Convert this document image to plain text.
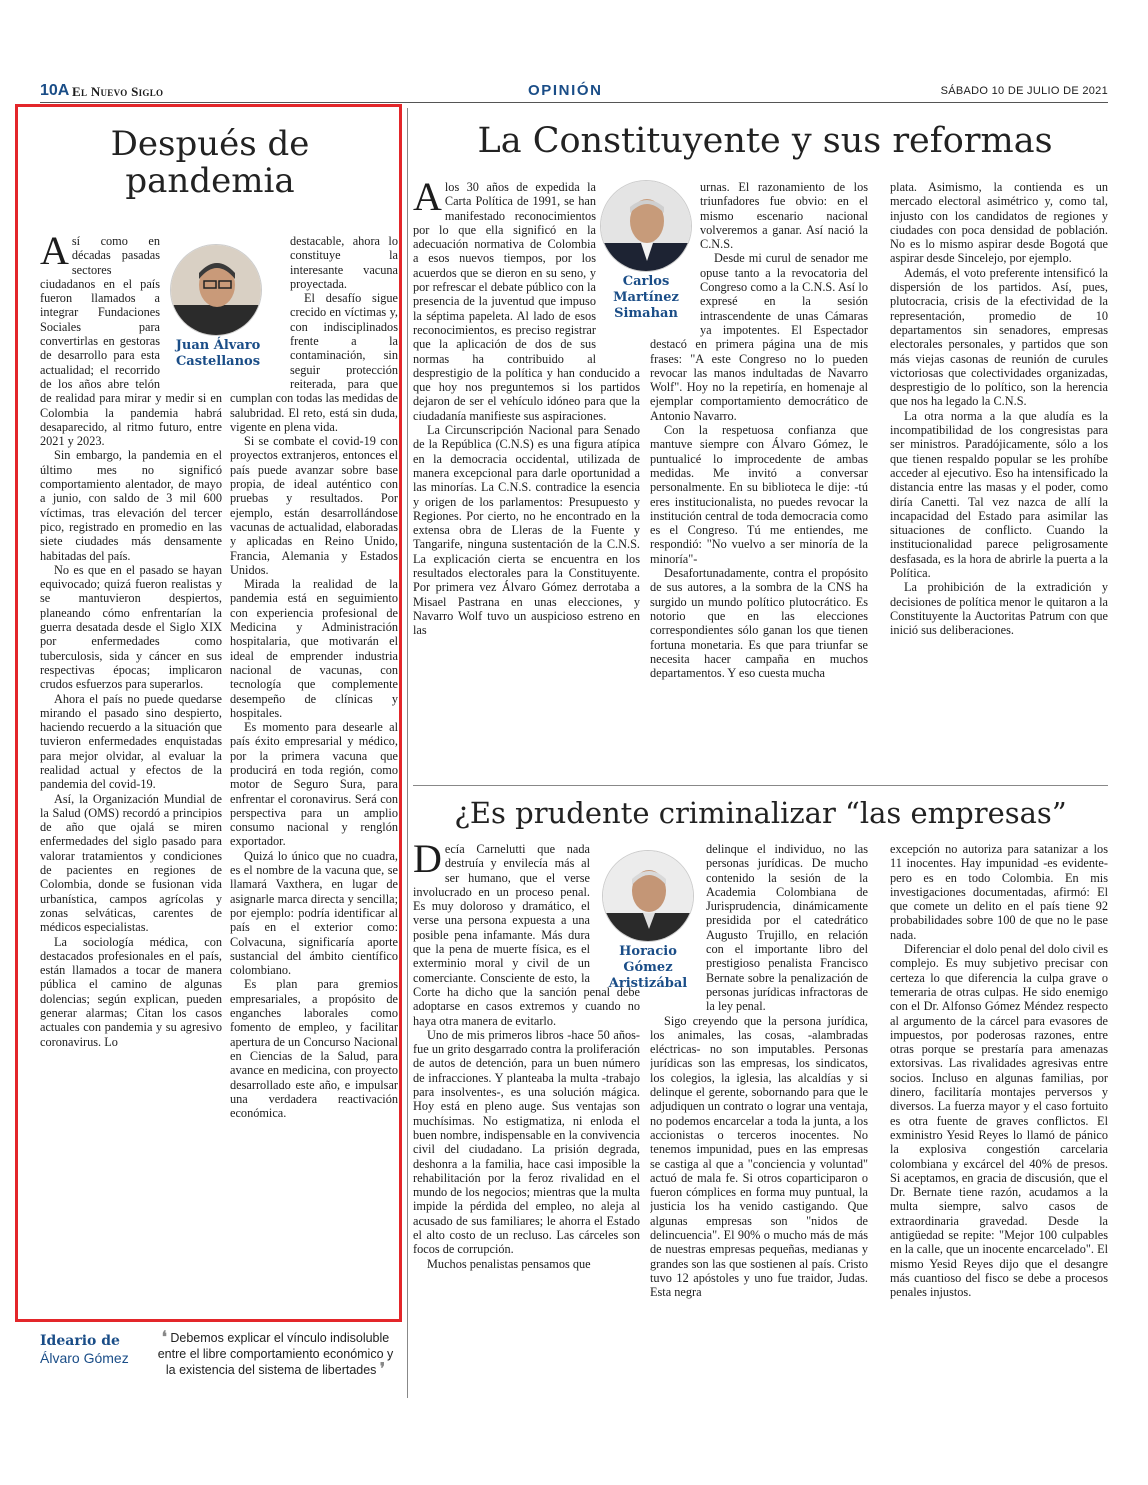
10A El Nuevo Siglo	OPINIÓN	SÁBADO 10 DE JULIO DE 2021
Después de pandemia
Juan Álvaro Castellanos

Así como en décadas pasadas sectores ciudadanos en el país fueron llamados a integrar Fundaciones Sociales para convertirlas en gestoras de desarrollo para esta actualidad; el recorrido de los años abre telón de realidad para mirar y medir si en Colombia la pandemia habrá desaparecido, al ritmo futuro, entre 2021 y 2023.

Sin embargo, la pandemia en el último mes no significó comportamiento alentador, de mayo a junio, con saldo de 3 mil 600 víctimas, tras elevación del tercer pico, registrado en promedio en las siete ciudades más densamente habitadas del país.

No es que en el pasado se hayan equivocado; quizá fueron realistas y se mantuvieron despiertos, planeando cómo enfrentarían la guerra desatada desde el Siglo XIX por enfermedades como tuberculosis, sida y cáncer en sus respectivas épocas; implicaron crudos esfuerzos para superarlos.

Ahora el país no puede quedarse mirando el pasado sino despierto, haciendo recuerdo a la situación que tuvieron enfermedades enquistadas para mejor olvidar, al evaluar la realidad actual y efectos de la pandemia del covid-19.

Así, la Organización Mundial de la Salud (OMS) recordó a principios de año que ojalá se miren enfermedades del siglo pasado para valorar tratamientos y condiciones de pacientes en regiones de Colombia, donde se fusionan vida urbanística, campos agrícolas y zonas selváticas, carentes de médicos especialistas.

La sociología médica, con destacados profesionales en el país, están llamados a tocar de manera pública el camino de algunas dolencias; según explican, pueden generar alarmas; Citan los casos actuales con pandemia y su agresivo coronavirus. Lo

destacable, ahora lo constituye la interesante vacuna proyectada.

El desafío sigue crecido en víctimas y, con indisciplinados frente a la contaminación, sin seguir protección reiterada, para que cumplan con todas las medidas de salubridad. El reto, está sin duda, vigente en plena vida.

Si se combate el covid-19 con proyectos extranjeros, entonces el país puede avanzar sobre base propia, de ideal auténtico con pruebas y resultados. Por ejemplo, están desarrollándose vacunas de actualidad, elaboradas y aplicadas en Reino Unido, Francia, Alemania y Estados Unidos.

Mirada la realidad de la pandemia está en seguimiento con experiencia profesional de Medicina y Administración hospitalaria, que motivarán el ideal de emprender industria nacional de vacunas, con tecnología que complemente desempeño de clínicas y hospitales.

Es momento para desearle al país éxito empresarial y médico, por la primera vacuna que producirá en toda región, como motor de Seguro Sura, para enfrentar el coronavirus. Será con perspectiva para un amplio consumo nacional y renglón exportador.

Quizá lo único que no cuadra, es el nombre de la vacuna que, se llamará Vaxthera, en lugar de asignarle marca directa y sencilla; por ejemplo: podría identificar al país en el exterior como: Colvacuna, significaría aporte sustancial del ámbito científico colombiano.

Es plan para gremios empresariales, a propósito de enganches laborales como fomento de empleo, y facilitar apertura de un Concurso Nacional en Ciencias de la Salud, para avance en medicina, con proyecto desarrollado este año, e impulsar una verdadera reactivación económica.

Ideario de
Álvaro Gómez
❛ Debemos explicar el vínculo indisoluble entre el libre comportamiento económico y la existencia del sistema de libertades ❜
La Constituyente y sus reformas
Carlos Martínez Simahan

Alos 30 años de expedida la Carta Política de 1991, se han manifestado reconocimientos por lo que ella significó en la adecuación normativa de Colombia a esos nuevos tiempos, por los acuerdos que se dieron en su seno, y por refrescar el debate público con la presencia de la juventud que impuso la séptima papeleta. Al lado de esos reconocimientos, es preciso registrar que la aplicación de dos de sus normas ha contribuido al desprestigio de la política y han conducido a que hoy nos preguntemos si los partidos dejaron de ser el vehículo idóneo para que la ciudadanía manifieste sus aspiraciones.

La Circunscripción Nacional para Senado de la República (C.N.S) es una figura atípica en la democracia occidental, utilizada de manera excepcional para darle oportunidad a las minorías. La C.N.S. contradice la esencia y origen de los parlamentos: Presupuesto y Regiones. Por cierto, no he encontrado en la extensa obra de Lleras de la Fuente y Tangarife, ninguna sustentación de la C.N.S. La explicación cierta se encuentra en los resultados electorales para la Constituyente. Por primera vez Álvaro Gómez derrotaba a Misael Pastrana en unas elecciones, y Navarro Wolf tuvo un auspicioso estreno en las

urnas. El razonamiento de los triunfadores fue obvio: en el mismo escenario nacional volveremos a ganar. Así nació la C.N.S.

Desde mi curul de senador me opuse tanto a la revocatoria del Congreso como a la C.N.S. Así lo expresé en la sesión intrascendente de unas Cámaras ya impotentes. El Espectador destacó en primera página una de mis frases: "A este Congreso no lo pueden revocar las manos indultadas de Navarro Wolf". Hoy no la repetiría, en homenaje al ejemplar comportamiento democrático de Antonio Navarro.

Con la respetuosa confianza que mantuve siempre con Álvaro Gómez, le puntualicé lo improcedente de ambas medidas. Me invitó a conversar personalmente. En su biblioteca le dije: -tú eres institucionalista, no puedes revocar la institución central de toda democracia como es el Congreso. Tú me entiendes, me respondió: "No vuelvo a ser minoría de la minoría"-

Desafortunadamente, contra el propósito de sus autores, a la sombra de la CNS ha surgido un mundo político plutocrático. Es notorio que en las elecciones correspondientes sólo ganan los que tienen fortuna monetaria. Es que para triunfar se necesita hacer campaña en muchos departamentos. Y eso cuesta mucha

plata. Asimismo, la contienda es un mercado electoral asimétrico y, como tal, injusto con los candidatos de regiones y ciudades con poca densidad de población. No es lo mismo aspirar desde Bogotá que aspirar desde Sincelejo, por ejemplo.

Además, el voto preferente intensificó la dispersión de los partidos. Así, pues, plutocracia, crisis de la efectividad de la representación, promedio de 10 departamentos sin senadores, empresas electorales personales, y partidos que son más viejas casonas de reunión de curules victoriosas que colectividades organizadas, desprestigio de lo político, son la herencia que nos ha legado la C.N.S.

La otra norma a la que aludía es la incompatibilidad de los congresistas para ser ministros. Paradójicamente, sólo a los que tienen respaldo popular se les prohíbe acceder al ejecutivo. Eso ha intensificado la distancia entre las masas y el poder, como diría Canetti. Tal vez nazca de allí la incapacidad del Estado para asimilar las situaciones de conflicto. Cuando la institucionalidad parece peligrosamente desfasada, es la hora de abrirle la puerta a la Política.

La prohibición de la extradición y decisiones de política menor le quitaron a la Constituyente la Auctoritas Patrum con que inició sus deliberaciones.

¿Es prudente criminalizar “las empresas”
Horacio Gómez Aristizábal

Decía Carnelutti que nada destruía y envilecía más al ser humano, que el verse involucrado en un proceso penal. Es muy doloroso y dramático, el verse una persona expuesta a una posible pena infamante. Más dura que la pena de muerte física, es el exterminio moral y civil de un comerciante. Consciente de esto, la Corte ha dicho que la sanción penal debe adoptarse en casos extremos y cuando no haya otra manera de evitarlo.

Uno de mis primeros libros -hace 50 años- fue un grito desgarrado contra la proliferación de autos de detención, para un buen número de infracciones. Y planteaba la multa -trabajo para insolventes-, es una solución mágica. Hoy está en pleno auge. Sus ventajas son muchísimas. No estigmatiza, ni enloda el buen nombre, indispensable en la convivencia civil del ciudadano. La prisión degrada, deshonra a la familia, hace casi imposible la rehabilitación por la feroz rivalidad en el mundo de los negocios; mientras que la multa impide la pérdida del empleo, no aleja al acusado de sus familiares; le ahorra el Estado el alto costo de un recluso. Las cárceles son focos de corrupción.

Muchos penalistas pensamos que

delinque el individuo, no las personas jurídicas. De mucho contenido la sesión de la Academia Colombiana de Jurisprudencia, dinámicamente presidida por el catedrático Augusto Trujillo, en relación con el importante libro del prestigioso penalista Francisco Bernate sobre la penalización de personas jurídicas infractoras de la ley penal.

Sigo creyendo que la persona jurídica, los animales, las cosas, -alambradas eléctricas- no son imputables. Personas jurídicas son las empresas, los sindicatos, los colegios, la iglesia, las alcaldías y si delinque el gerente, sobornando para que le adjudiquen un contrato o lograr una ventaja, no podemos encarcelar a toda la junta, a los accionistas o terceros inocentes. No tenemos impunidad, pues en las empresas se castiga al que a "conciencia y voluntad" actuó de mala fe. Si otros coparticiparon o fueron cómplices en forma muy puntual, la justicia los ha venido castigando. Que algunas empresas son "nidos de delincuencia". El 90% o mucho más de más de nuestras empresas pequeñas, medianas y grandes son las que sostienen al país. Cristo tuvo 12 apóstoles y uno fue traidor, Judas. Esta negra

excepción no autoriza para satanizar a los 11 inocentes. Hay impunidad -es evidente- pero es en todo Colombia. En mis investigaciones documentadas, afirmó: El que comete un delito en el país tiene 92 probabilidades sobre 100 de que no le pase nada.

Diferenciar el dolo penal del dolo civil es complejo. Es muy subjetivo precisar con certeza lo que diferencia la culpa grave o temeraria de otras culpas. He sido enemigo con el Dr. Alfonso Gómez Méndez respecto al argumento de la cárcel para evasores de impuestos, por poderosas razones, entre otras porque se prestaría para amenazas extorsivas. Las rivalidades agresivas entre socios. Incluso en algunas familias, por dinero, facilitaría montajes perversos y diversos. La fuerza mayor y el caso fortuito es otra fuente de graves conflictos. El exministro Yesid Reyes lo llamó de pánico la explosiva congestión carcelaria colombiana y excárcel del 40% de presos. Si aceptamos, en gracia de discusión, que el Dr. Bernate tiene razón, acudamos a la multa siempre, salvo casos de extraordinaria gravedad. Desde la antigüedad se repite: "Mejor 100 culpables en la calle, que un inocente encarcelado". El mismo Yesid Reyes dijo que el desangre más cuantioso del fisco se debe a procesos penales injustos.
